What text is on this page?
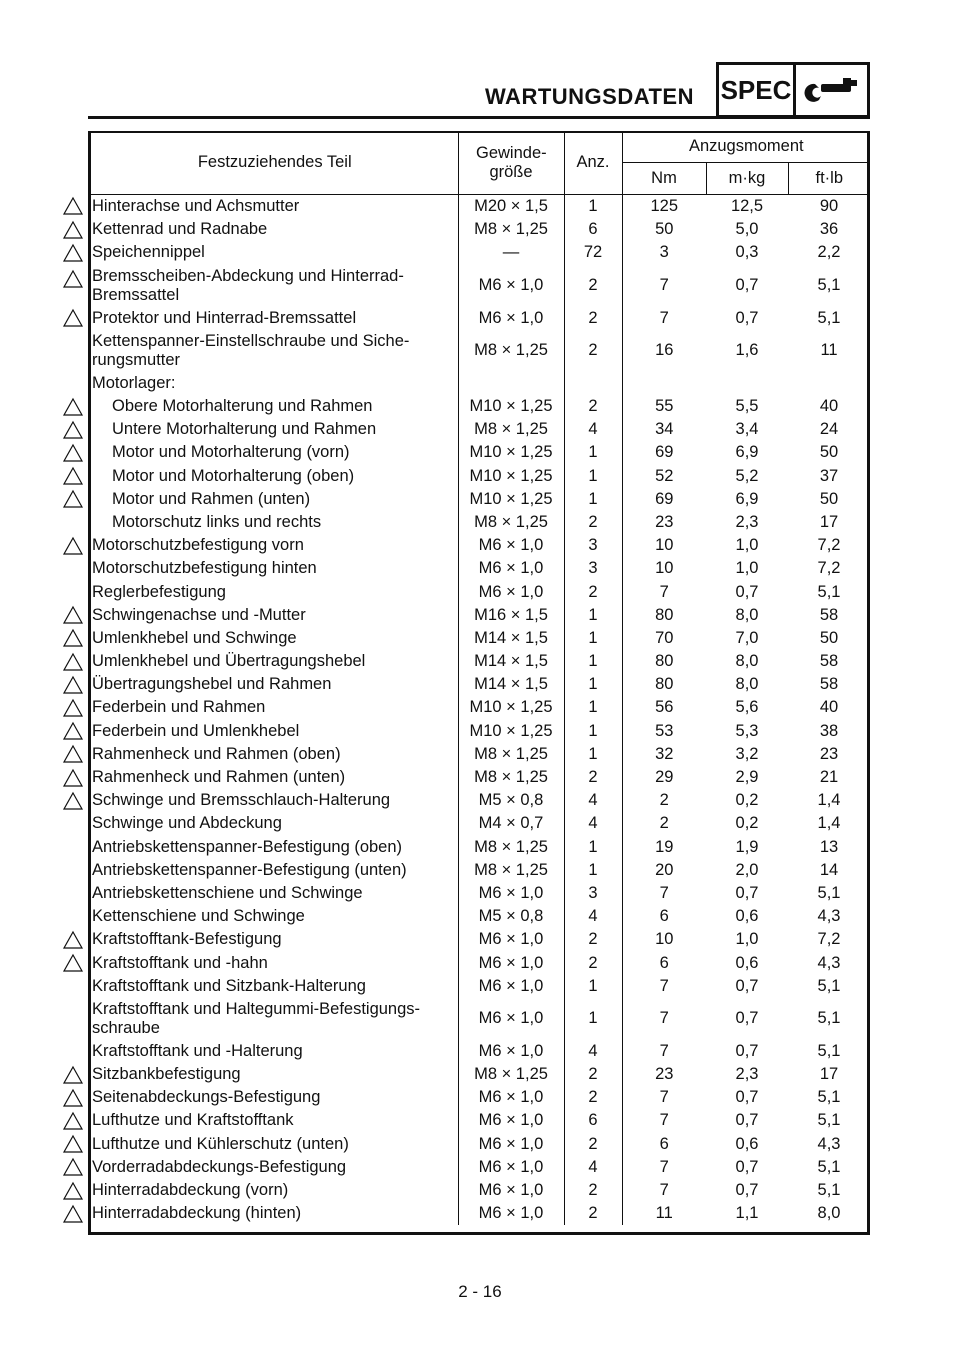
WARTUNGSDATEN SPEC
Festzuziehendes Teil	Gewinde-größe	Anz.	Anzugsmoment		
			Nm	m·kg	ft·lb
Hinterachse und Achsmutter	M20 × 1,5	1	125	12,5	90
Kettenrad und Radnabe	M8 × 1,25	6	50	5,0	36
Speichennippel	—	72	3	0,3	2,2
Bremsscheiben-Abdeckung und Hinterrad-Bremssattel	M6 × 1,0	2	7	0,7	5,1
Protektor und Hinterrad-Bremssattel	M6 × 1,0	2	7	0,7	5,1
Kettenspanner-Einstellschraube und Siche-rungsmutter	M8 × 1,25	2	16	1,6	11
Motorlager:					
Obere Motorhalterung und Rahmen	M10 × 1,25	2	55	5,5	40
Untere Motorhalterung und Rahmen	M8 × 1,25	4	34	3,4	24
Motor und Motorhalterung (vorn)	M10 × 1,25	1	69	6,9	50
Motor und Motorhalterung (oben)	M10 × 1,25	1	52	5,2	37
Motor und Rahmen (unten)	M10 × 1,25	1	69	6,9	50
Motorschutz links und rechts	M8 × 1,25	2	23	2,3	17
Motorschutzbefestigung vorn	M6 × 1,0	3	10	1,0	7,2
Motorschutzbefestigung hinten	M6 × 1,0	3	10	1,0	7,2
Reglerbefestigung	M6 × 1,0	2	7	0,7	5,1
Schwingenachse und -Mutter	M16 × 1,5	1	80	8,0	58
Umlenkhebel und Schwinge	M14 × 1,5	1	70	7,0	50
Umlenkhebel und Übertragungshebel	M14 × 1,5	1	80	8,0	58
Übertragungshebel und Rahmen	M14 × 1,5	1	80	8,0	58
Federbein und Rahmen	M10 × 1,25	1	56	5,6	40
Federbein und Umlenkhebel	M10 × 1,25	1	53	5,3	38
Rahmenheck und Rahmen (oben)	M8 × 1,25	1	32	3,2	23
Rahmenheck und Rahmen (unten)	M8 × 1,25	2	29	2,9	21
Schwinge und Bremsschlauch-Halterung	M5 × 0,8	4	2	0,2	1,4
Schwinge und Abdeckung	M4 × 0,7	4	2	0,2	1,4
Antriebskettenspanner-Befestigung (oben)	M8 × 1,25	1	19	1,9	13
Antriebskettenspanner-Befestigung (unten)	M8 × 1,25	1	20	2,0	14
Antriebskettenschiene und Schwinge	M6 × 1,0	3	7	0,7	5,1
Kettenschiene und Schwinge	M5 × 0,8	4	6	0,6	4,3
Kraftstofftank-Befestigung	M6 × 1,0	2	10	1,0	7,2
Kraftstofftank und -hahn	M6 × 1,0	2	6	0,6	4,3
Kraftstofftank und Sitzbank-Halterung	M6 × 1,0	1	7	0,7	5,1
Kraftstofftank und Haltegummi-Befestigungs-schraube	M6 × 1,0	1	7	0,7	5,1
Kraftstofftank und -Halterung	M6 × 1,0	4	7	0,7	5,1
Sitzbankbefestigung	M8 × 1,25	2	23	2,3	17
Seitenabdeckungs-Befestigung	M6 × 1,0	2	7	0,7	5,1
Lufthutze und Kraftstofftank	M6 × 1,0	6	7	0,7	5,1
Lufthutze und Kühlerschutz (unten)	M6 × 1,0	2	6	0,6	4,3
Vorderradabdeckungs-Befestigung	M6 × 1,0	4	7	0,7	5,1
Hinterradabdeckung (vorn)	M6 × 1,0	2	7	0,7	5,1
Hinterradabdeckung (hinten)	M6 × 1,0	2	11	1,1	8,0
2 - 16
